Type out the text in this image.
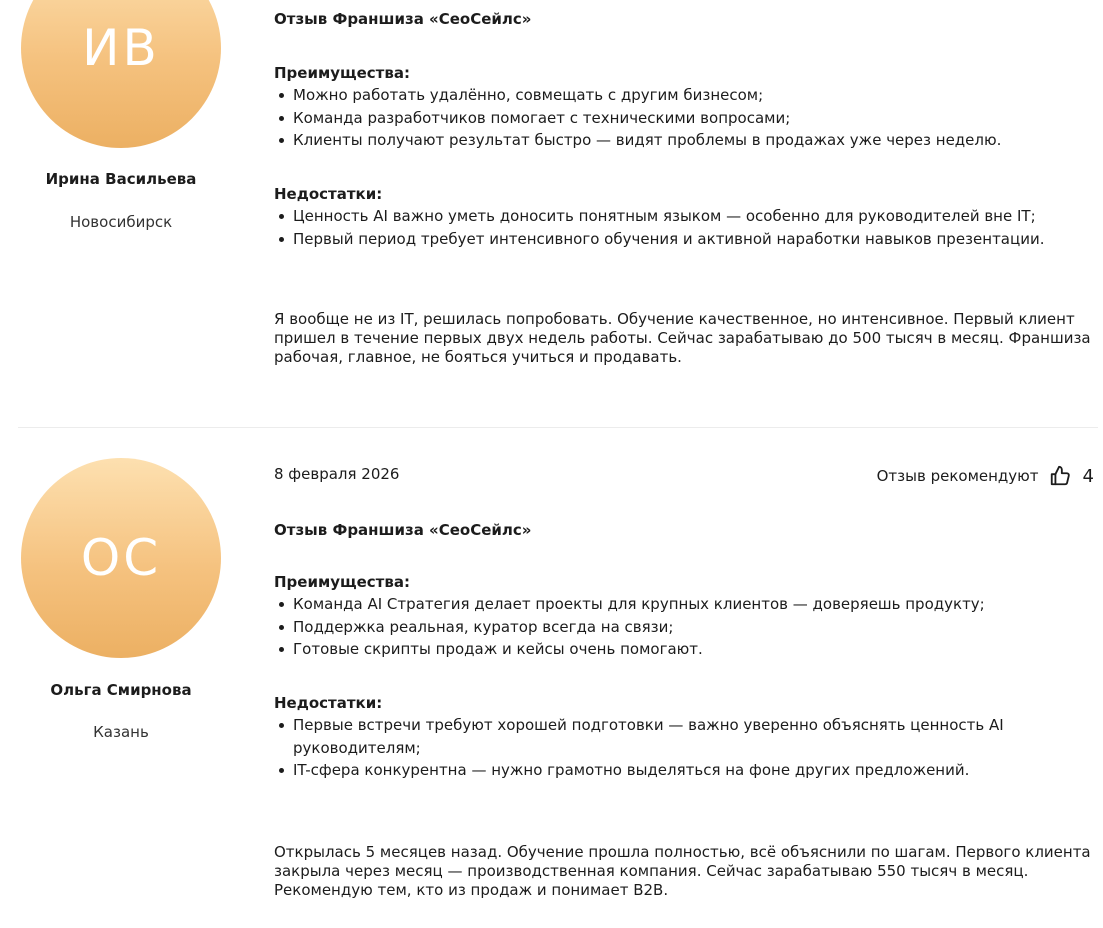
ИВ
Ирина Васильева
Новосибирск
Отзыв Франшиза «СеоСейлс»
Преимущества:
Можно работать удалённо, совмещать с другим бизнесом;
Команда разработчиков помогает с техническими вопросами;
Клиенты получают результат быстро — видят проблемы в продажах уже через неделю.
Недостатки:
Ценность AI важно уметь доносить понятным языком — особенно для руководителей вне IT;
Первый период требует интенсивного обучения и активной наработки навыков презентации.

Я вообще не из IT, решилась попробовать. Обучение качественное, но интенсивное. Первый клиент пришел в течение первых двух недель работы. Сейчас зарабатываю до 500 тысяч в месяц. Франшиза рабочая, главное, не бояться учиться и продавать.

ОС
Ольга Смирнова
Казань
8 февраля 2026	Отзыв рекомендуют 4
Отзыв Франшиза «СеоСейлс»
Преимущества:
Команда AI Стратегия делает проекты для крупных клиентов — доверяешь продукту;
Поддержка реальная, куратор всегда на связи;
Готовые скрипты продаж и кейсы очень помогают.
Недостатки:
Первые встречи требуют хорошей подготовки — важно уверенно объяснять ценность AI руководителям;
IT-сфера конкурентна — нужно грамотно выделяться на фоне других предложений.

Открылась 5 месяцев назад. Обучение прошла полностью, всё объяснили по шагам. Первого клиента закрыла через месяц — производственная компания. Сейчас зарабатываю 550 тысяч в месяц. Рекомендую тем, кто из продаж и понимает B2B.
